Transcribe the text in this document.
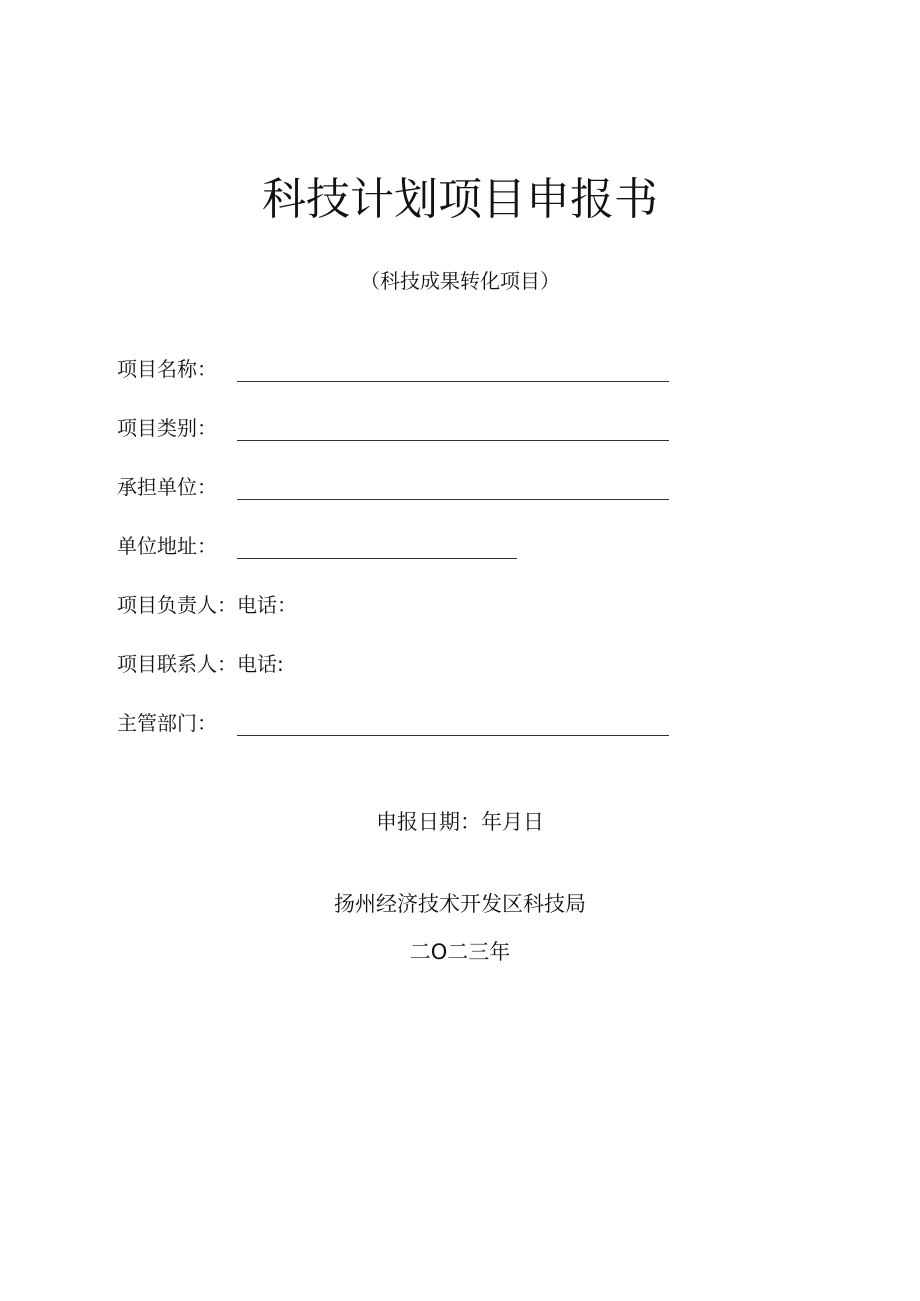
科技计划项目申报书
（科技成果转化项目）
项目名称：
项目类别：
承担单位：
单位地址：
项目负责人：电话：
项目联系人：电话:
主管部门：
申报日期：年月日
扬州经济技术开发区科技局
二O二三年
